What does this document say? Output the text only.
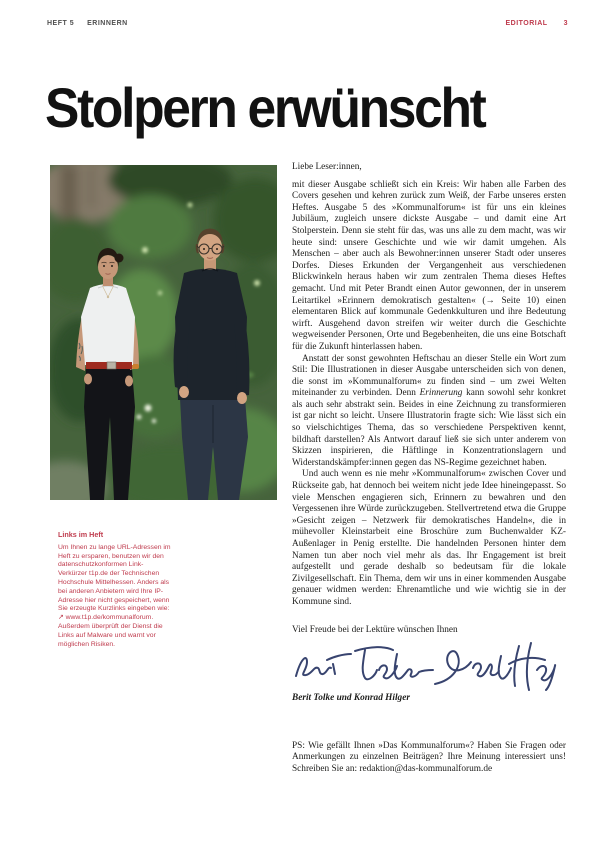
HEFT 5 ERINNERN	EDITORIAL 3
Stolpern erwünscht

Links im Heft

Um Ihnen zu lange URL-Adressen im Heft zu ersparen, benutzen wir den datenschutzkonformen Link-Verkürzer t1p.de der Technischen Hochschule Mittelhessen. Anders als bei anderen Anbietern wird Ihre IP-Adresse hier nicht gespeichert, wenn Sie erzeugte Kurzlinks eingeben wie: ↗ www.t1p.de/kommunalforum. Außerdem überprüft der Dienst die Links auf Malware und warnt vor möglichen Risiken.

Liebe Leser:innen,

mit dieser Ausgabe schließt sich ein Kreis: Wir haben alle Farben des Covers gesehen und kehren zurück zum Weiß, der Farbe unseres ersten Heftes. Ausgabe 5 des »Kommunalforum« ist für uns ein kleines Jubiläum, zugleich unsere dickste Ausgabe – und damit eine Art Stolperstein. Denn sie steht für das, was uns alle zu dem macht, was wir heute sind: unsere Geschichte und wie wir damit umgehen. Als Menschen – aber auch als Bewohner:innen unserer Stadt oder unseres Dorfes. Dieses Erkunden der Vergangenheit aus verschiedenen Blickwinkeln heraus haben wir zum zentralen Thema dieses Heftes gemacht. Und mit Peter Brandt einen Autor gewonnen, der in unserem Leitartikel »Erinnern demokratisch gestalten« (→ Seite 10) einen elementaren Blick auf kommunale Gedenkkulturen und ihre Bedeutung wirft. Ausgehend davon streifen wir weiter durch die Geschichte wegweisender Personen, Orte und Begebenheiten, die uns eine Botschaft für die Zukunft hinterlassen haben.

Anstatt der sonst gewohnten Heftschau an dieser Stelle ein Wort zum Stil: Die Illustrationen in dieser Ausgabe unterscheiden sich von denen, die sonst im »Kommunalforum« zu finden sind – um zwei Welten miteinander zu verbinden. Denn Erinnerung kann sowohl sehr konkret als auch sehr abstrakt sein. Beides in eine Zeichnung zu transformieren ist gar nicht so leicht. Unsere Illustratorin fragte sich: Wie lässt sich ein so vielschichtiges Thema, das so verschiedene Perspektiven kennt, bildhaft darstellen? Als Antwort darauf ließ sie sich unter anderem von Skizzen inspirieren, die Häftlinge in Konzentrationslagern und Widerstandskämpfer:innen gegen das NS-Regime gezeichnet haben.

Und auch wenn es nie mehr »Kommunalforum« zwischen Cover und Rückseite gab, hat dennoch bei weitem nicht jede Idee hineingepasst. So viele Menschen engagieren sich, Erinnern zu bewahren und den Vergessenen ihre Würde zurückzugeben. Stellvertretend etwa die Gruppe »Gesicht zeigen – Netzwerk für demokratisches Handeln«, die in mühevoller Kleinstarbeit eine Broschüre zum Buchenwalder KZ-Außenlager in Penig erstellte. Die handelnden Personen hinter dem Namen tun aber noch viel mehr als das. Ihr Engagement ist breit aufgestellt und gerade deshalb so bedeutsam für die lokale Zivilgesellschaft. Ein Thema, dem wir uns in einer kommenden Ausgabe genauer widmen werden: Ehrenamtliche und wie wichtig sie in der Kommune sind.

Viel Freude bei der Lektüre wünschen Ihnen

Berit Tolke und Konrad Hilger

PS: Wie gefällt Ihnen »Das Kommunalforum«? Haben Sie Fragen oder Anmerkungen zu einzelnen Beiträgen? Ihre Meinung interessiert uns! Schreiben Sie an: redaktion@das-kommunalforum.de
